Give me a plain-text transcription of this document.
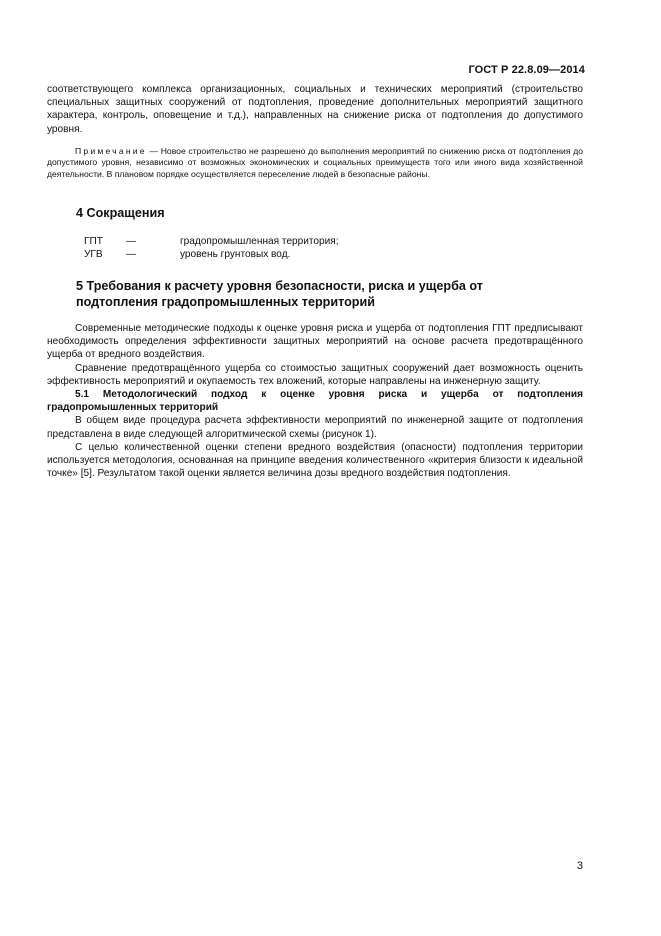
ГОСТ Р 22.8.09—2014

соответствующего комплекса организационных, социальных и технических мероприятий (строительство специальных защитных сооружений от подтопления, проведение дополнительных мероприятий защитного характера, контроль, оповещение и т.д.), направленных на снижение риска от подтопления до допустимого уровня.

Примечание — Новое строительство не разрешено до выполнения мероприятий по снижению риска от подтопления до допустимого уровня, независимо от возможных экономических и социальных преимуществ того или иного вида хозяйственной деятельности. В плановом порядке осуществляется переселение людей в безопасные районы.

4 Сокращения
ГПТ —	градопромышленная территория;
УГВ —	уровень грунтовых вод.
5 Требования к расчету уровня безопасности, риска и ущерба от
подтопления градопромышленных территорий

Современные методические подходы к оценке уровня риска и ущерба от подтопления ГПТ предписывают необходимость определения эффективности защитных мероприятий на основе расчета предотвращённого ущерба от вредного воздействия.

Сравнение предотвращённого ущерба со стоимостью защитных сооружений дает возможность оценить эффективность мероприятий и окупаемость тех вложений, которые направлены на инженерную защиту.

5.1 Методологический подход к оценке уровня риска и ущерба от подтопления градопромышленных территорий

В общем виде процедура расчета эффективности мероприятий по инженерной защите от подтопления представлена в виде следующей алгоритмической схемы (рисунок 1).

С целью количественной оценки степени вредного воздействия (опасности) подтопления территории используется методология, основанная на принципе введения количественного «критерия близости к идеальной точке» [5]. Результатом такой оценки является величина дозы вредного воздействия подтопления.

3
